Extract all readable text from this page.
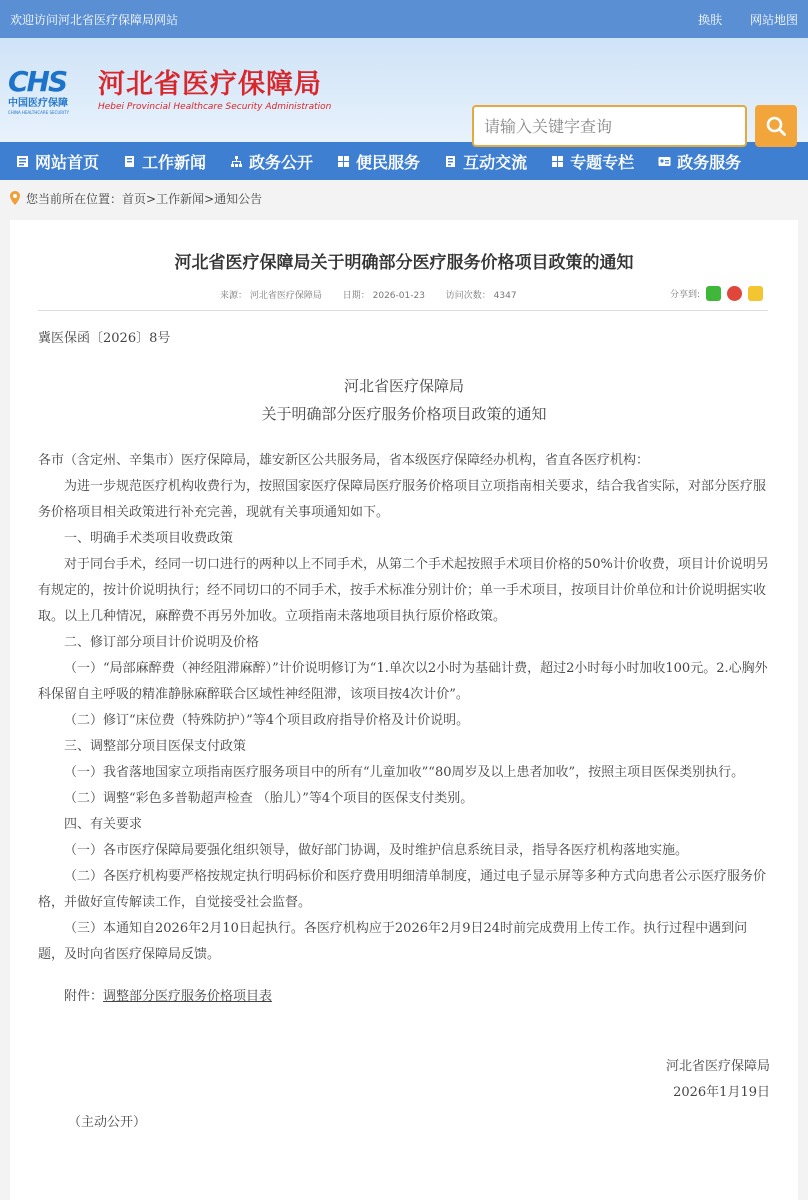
欢迎访问河北省医疗保障局网站	换肤 网站地图
CHS
中国医疗保障
CHINA HEALTHCARE SECURITY
河北省医疗保障局
Hebei Provincial Healthcare Security Administration
请输入关键字查询
网站首页	工作新闻	政务公开	便民服务	互动交流	专题专栏	政务服务
您当前所在位置： 首页>工作新闻>通知公告
河北省医疗保障局关于明确部分医疗服务价格项目政策的通知
来源： 河北省医疗保障局 日期： 2026-01-23 访问次数： 4347	分享到:
冀医保函〔2026〕8号
河北省医疗保障局
关于明确部分医疗服务价格项目政策的通知
各市（含定州、辛集市）医疗保障局，雄安新区公共服务局，省本级医疗保障经办机构，省直各医疗机构：
为进一步规范医疗机构收费行为，按照国家医疗保障局医疗服务价格项目立项指南相关要求，结合我省实际，对部分医疗服务价格项目相关政策进行补充完善，现就有关事项通知如下。
一、明确手术类项目收费政策
对于同台手术，经同一切口进行的两种以上不同手术，从第二个手术起按照手术项目价格的50%计价收费，项目计价说明另有规定的，按计价说明执行；经不同切口的不同手术，按手术标准分别计价；单一手术项目，按项目计价单位和计价说明据实收取。以上几种情况，麻醉费不再另外加收。立项指南未落地项目执行原价格政策。
二、修订部分项目计价说明及价格
（一）“局部麻醉费（神经阻滞麻醉）”计价说明修订为“1.单次以2小时为基础计费，超过2小时每小时加收100元。2.心胸外科保留自主呼吸的精准静脉麻醉联合区域性神经阻滞，该项目按4次计价”。
（二）修订“床位费（特殊防护）”等4个项目政府指导价格及计价说明。
三、调整部分项目医保支付政策
（一）我省落地国家立项指南医疗服务项目中的所有“儿童加收”“80周岁及以上患者加收”，按照主项目医保类别执行。
（二）调整“彩色多普勒超声检查 （胎儿）”等4个项目的医保支付类别。
四、有关要求
（一）各市医疗保障局要强化组织领导，做好部门协调，及时维护信息系统目录，指导各医疗机构落地实施。
（二）各医疗机构要严格按规定执行明码标价和医疗费用明细清单制度，通过电子显示屏等多种方式向患者公示医疗服务价格，并做好宣传解读工作，自觉接受社会监督。
（三）本通知自2026年2月10日起执行。各医疗机构应于2026年2月9日24时前完成费用上传工作。执行过程中遇到问题，及时向省医疗保障局反馈。
附件：调整部分医疗服务价格项目表
河北省医疗保障局
2026年1月19日
（主动公开）
